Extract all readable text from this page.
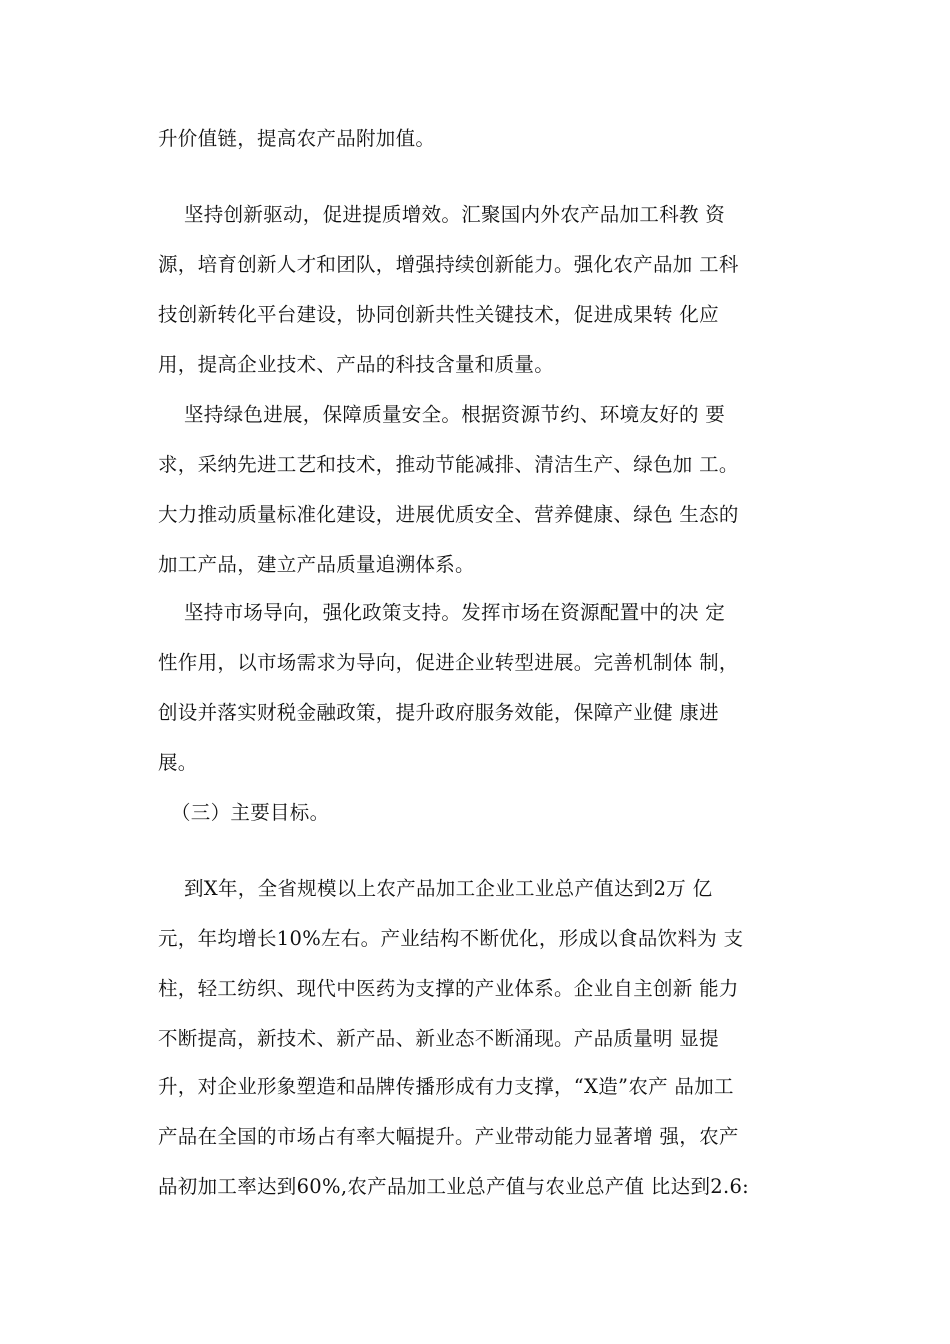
升价值链，提高农产品附加值。
坚持创新驱动，促进提质增效。汇聚国内外农产品加工科教 资
源，培育创新人才和团队，增强持续创新能力。强化农产品加 工科
技创新转化平台建设，协同创新共性关键技术，促进成果转 化应
用，提高企业技术、产品的科技含量和质量。
坚持绿色进展，保障质量安全。根据资源节约、环境友好的 要
求，采纳先进工艺和技术，推动节能减排、清洁生产、绿色加 工。
大力推动质量标准化建设，进展优质安全、营养健康、绿色 生态的
加工产品，建立产品质量追溯体系。
坚持市场导向，强化政策支持。发挥市场在资源配置中的决 定
性作用，以市场需求为导向，促进企业转型进展。完善机制体 制，
创设并落实财税金融政策，提升政府服务效能，保障产业健 康进
展。
（三）主要目标。
到X年，全省规模以上农产品加工企业工业总产值达到2万 亿
元，年均增长10%左右。产业结构不断优化，形成以食品饮料为 支
柱，轻工纺织、现代中医药为支撑的产业体系。企业自主创新 能力
不断提高，新技术、新产品、新业态不断涌现。产品质量明 显提
升，对企业形象塑造和品牌传播形成有力支撑，“X造”农产 品加工
产品在全国的市场占有率大幅提升。产业带动能力显著增 强，农产
品初加工率达到60%,农产品加工业总产值与农业总产值 比达到2.6:
